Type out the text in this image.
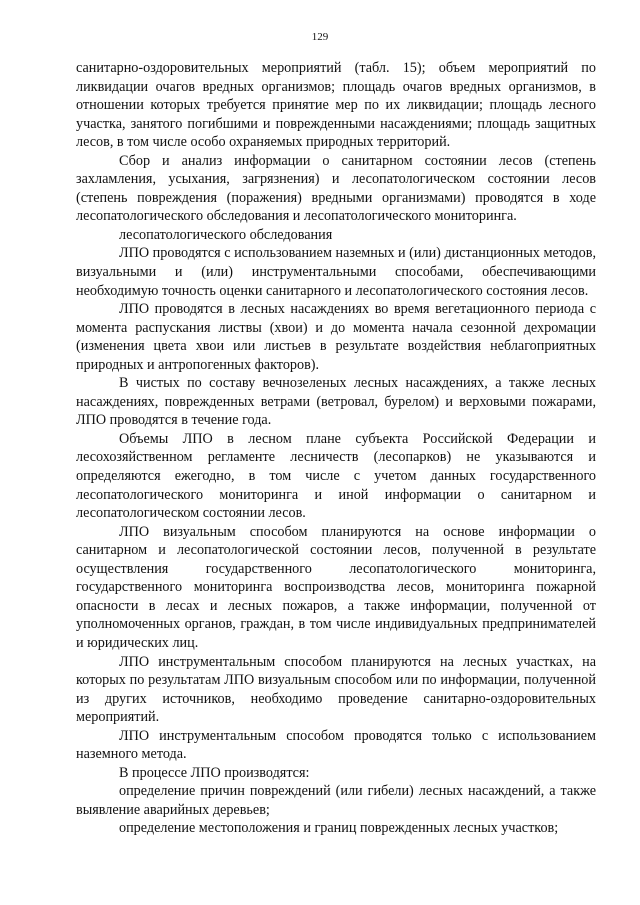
129

санитарно-оздоровительных мероприятий (табл. 15); объем мероприятий по ликвидации очагов вредных организмов; площадь очагов вредных организмов, в отношении которых требуется принятие мер по их ликвидации; площадь лесного участка, занятого погибшими и поврежденными насаждениями; площадь защитных лесов, в том числе особо охраняемых природных территорий.

Сбор и анализ информации о санитарном состоянии лесов (степень захламления, усыхания, загрязнения) и лесопатологическом состоянии лесов (степень повреждения (поражения) вредными организмами) проводятся в ходе лесопатологического обследования и лесопатологического мониторинга.

лесопатологического обследования

ЛПО проводятся с использованием наземных и (или) дистанционных методов, визуальными и (или) инструментальными способами, обеспечивающими необходимую точность оценки санитарного и лесопатологического состояния лесов.

ЛПО проводятся в лесных насаждениях во время вегетационного периода с момента распускания листвы (хвои) и до момента начала сезонной дехромации (изменения цвета хвои или листьев в результате воздействия неблагоприятных природных и антропогенных факторов).

В чистых по составу вечнозеленых лесных насаждениях, а также лесных насаждениях, поврежденных ветрами (ветровал, бурелом) и верховыми пожарами, ЛПО проводятся в течение года.

Объемы ЛПО в лесном плане субъекта Российской Федерации и лесохозяйственном регламенте лесничеств (лесопарков) не указываются и определяются ежегодно, в том числе с учетом данных государственного лесопатологического мониторинга и иной информации о санитарном и лесопатологическом состоянии лесов.

ЛПО визуальным способом планируются на основе информации о санитарном и лесопатологической состоянии лесов, полученной в результате осуществления государственного лесопатологического мониторинга, государственного мониторинга воспроизводства лесов, мониторинга пожарной опасности в лесах и лесных пожаров, а также информации, полученной от уполномоченных органов, граждан, в том числе индивидуальных предпринимателей и юридических лиц.

ЛПО инструментальным способом планируются на лесных участках, на которых по результатам ЛПО визуальным способом или по информации, полученной из других источников, необходимо проведение санитарно-оздоровительных мероприятий.

ЛПО инструментальным способом проводятся только с использованием наземного метода.

В процессе ЛПО производятся:

определение причин повреждений (или гибели) лесных насаждений, а также выявление аварийных деревьев;

определение местоположения и границ поврежденных лесных участков;
